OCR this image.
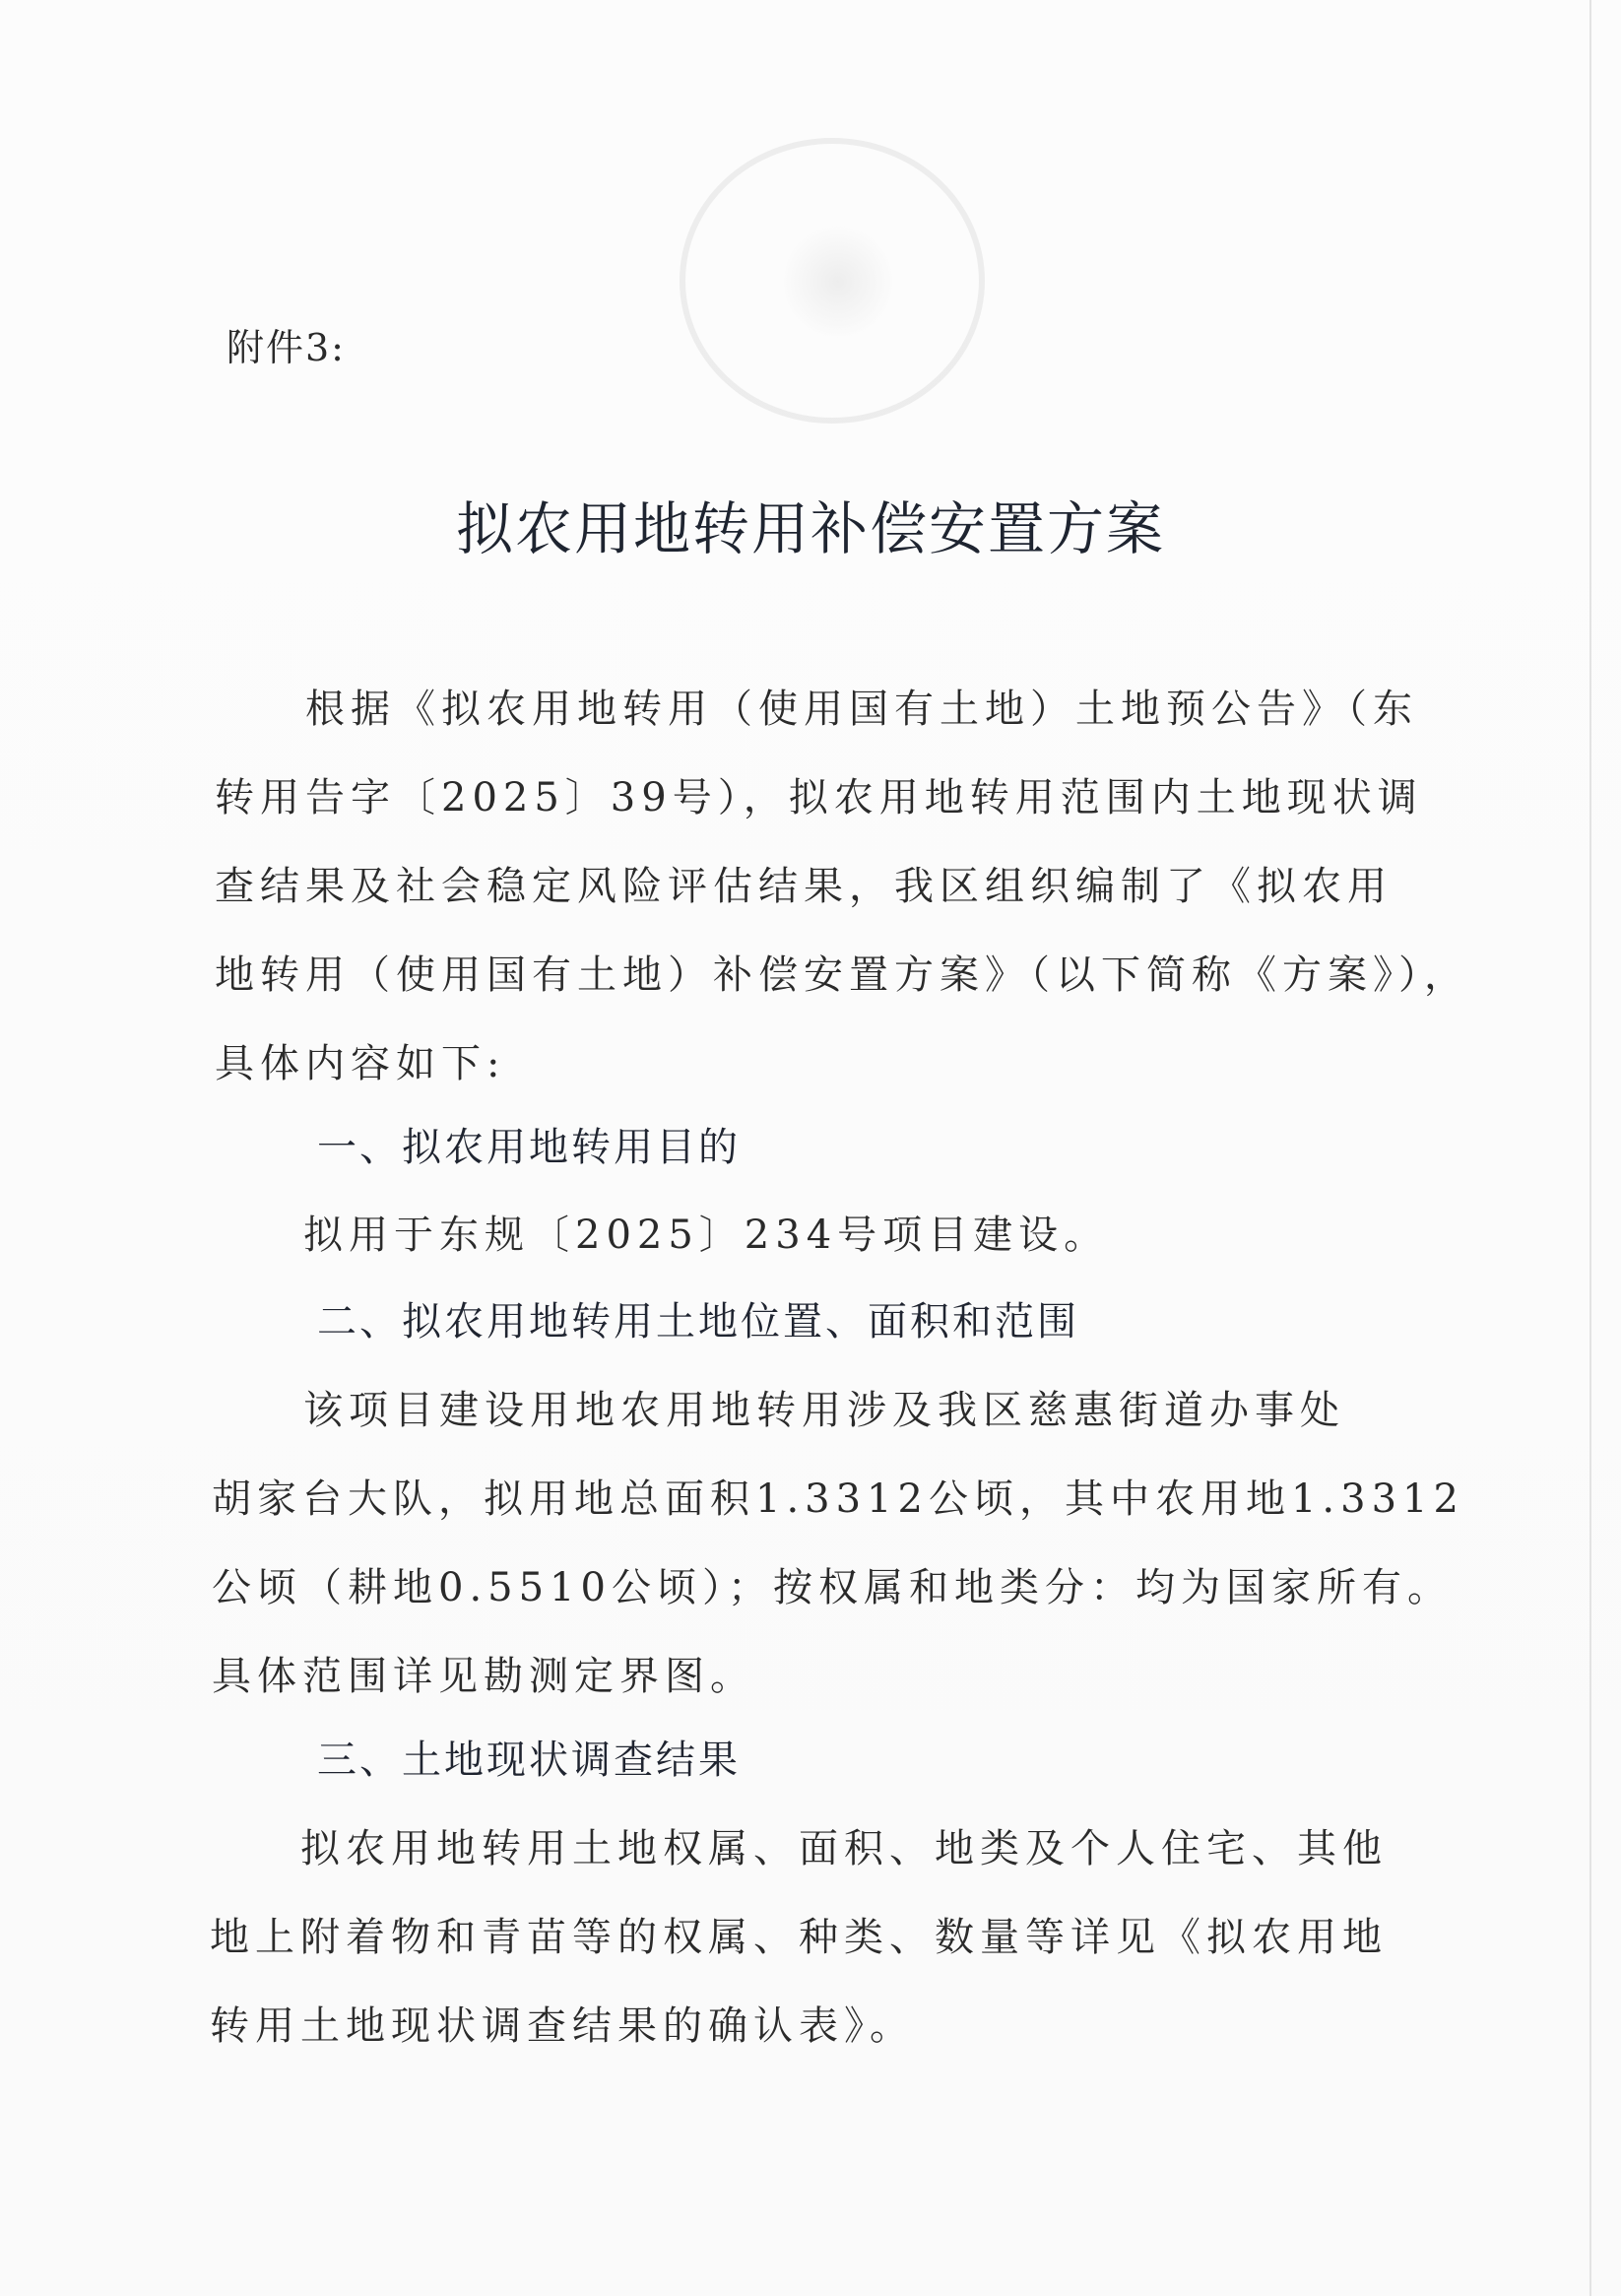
附件3:
拟农用地转用补偿安置方案
根据《拟农用地转用（使用国有土地）土地预公告》（东
转用告字〔2025〕39号），拟农用地转用范围内土地现状调
查结果及社会稳定风险评估结果，我区组织编制了《拟农用
地转用（使用国有土地）补偿安置方案》（以下简称《方案》），
具体内容如下:
一、拟农用地转用目的
拟用于东规〔2025〕234号项目建设。
二、拟农用地转用土地位置、面积和范围
该项目建设用地农用地转用涉及我区慈惠街道办事处
胡家台大队，拟用地总面积1.3312公顷，其中农用地1.3312
公顷（耕地0.5510公顷）；按权属和地类分：均为国家所有。
具体范围详见勘测定界图。
三、土地现状调查结果
拟农用地转用土地权属、面积、地类及个人住宅、其他
地上附着物和青苗等的权属、种类、数量等详见《拟农用地
转用土地现状调查结果的确认表》。
